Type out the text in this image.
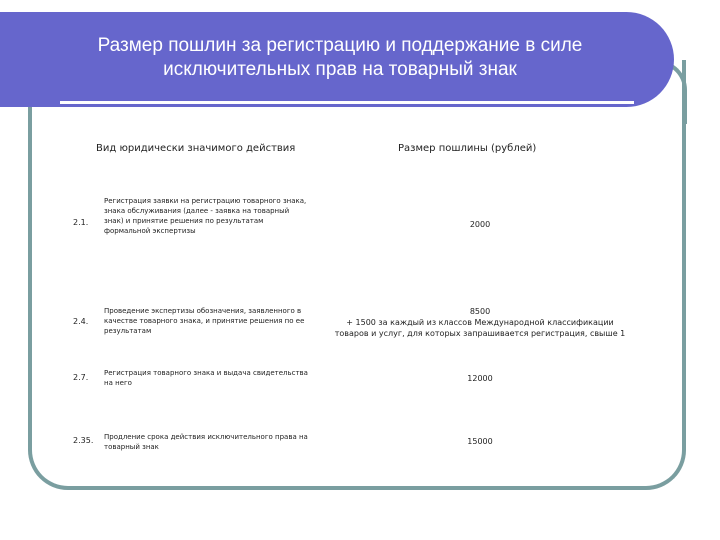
Размер пошлин за регистрацию и поддержание в силе
исключительных прав на товарный знак
Вид юридически значимого действия	Размер пошлины (рублей)
2.1.
Регистрация заявки на регистрацию товарного знака, знака обслуживания (далее - заявка на товарный знак) и принятие решения по результатам формальной экспертизы
2000
2.4.
Проведение экспертизы обозначения, заявленного в качестве товарного знака, и принятие решения по ее результатам
8500
+ 1500 за каждый из классов Международной классификации товаров и услуг, для которых запрашивается регистрация, свыше 1
2.7. Регистрация товарного знака и выдача свидетельства на него	12000
2.35. Продление срока действия исключительного права на товарный знак
15000
